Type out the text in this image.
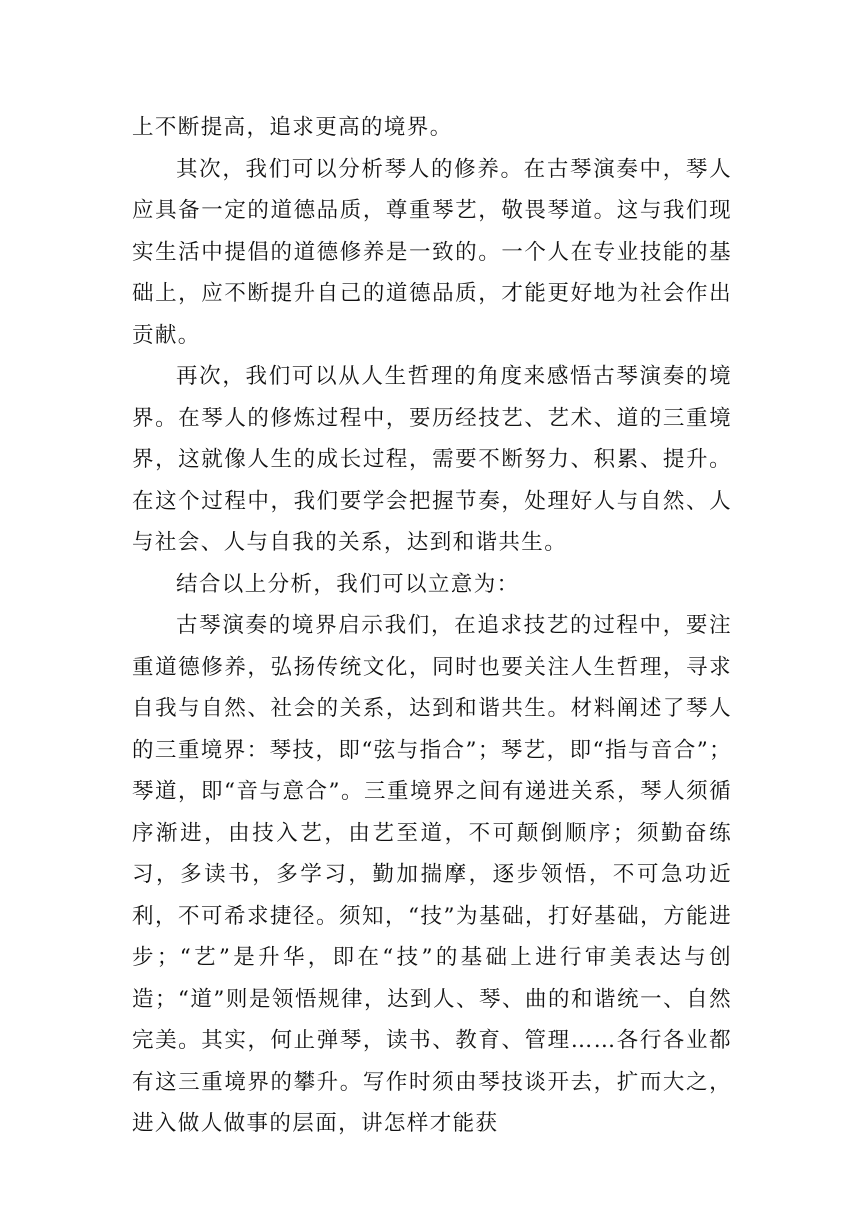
上不断提高，追求更高的境界。

其次，我们可以分析琴人的修养。在古琴演奏中，琴人应具备一定的道德品质，尊重琴艺，敬畏琴道。这与我们现实生活中提倡的道德修养是一致的。一个人在专业技能的基础上，应不断提升自己的道德品质，才能更好地为社会作出贡献。

再次，我们可以从人生哲理的角度来感悟古琴演奏的境界。在琴人的修炼过程中，要历经技艺、艺术、道的三重境界，这就像人生的成长过程，需要不断努力、积累、提升。在这个过程中，我们要学会把握节奏，处理好人与自然、人与社会、人与自我的关系，达到和谐共生。

结合以上分析，我们可以立意为：

古琴演奏的境界启示我们，在追求技艺的过程中，要注重道德修养，弘扬传统文化，同时也要关注人生哲理，寻求自我与自然、社会的关系，达到和谐共生。材料阐述了琴人的三重境界：琴技，即“弦与指合”；琴艺，即“指与音合”；琴道，即“音与意合”。三重境界之间有递进关系，琴人须循序渐进，由技入艺，由艺至道，不可颠倒顺序；须勤奋练习，多读书，多学习，勤加揣摩，逐步领悟，不可急功近利，不可希求捷径。须知，“技”为基础，打好基础，方能进步；“艺”是升华，即在“技”的基础上进行审美表达与创造；“道”则是领悟规律，达到人、琴、曲的和谐统一、自然完美。其实，何止弹琴，读书、教育、管理……各行各业都有这三重境界的攀升。写作时须由琴技谈开去，扩而大之，进入做人做事的层面，讲怎样才能获
